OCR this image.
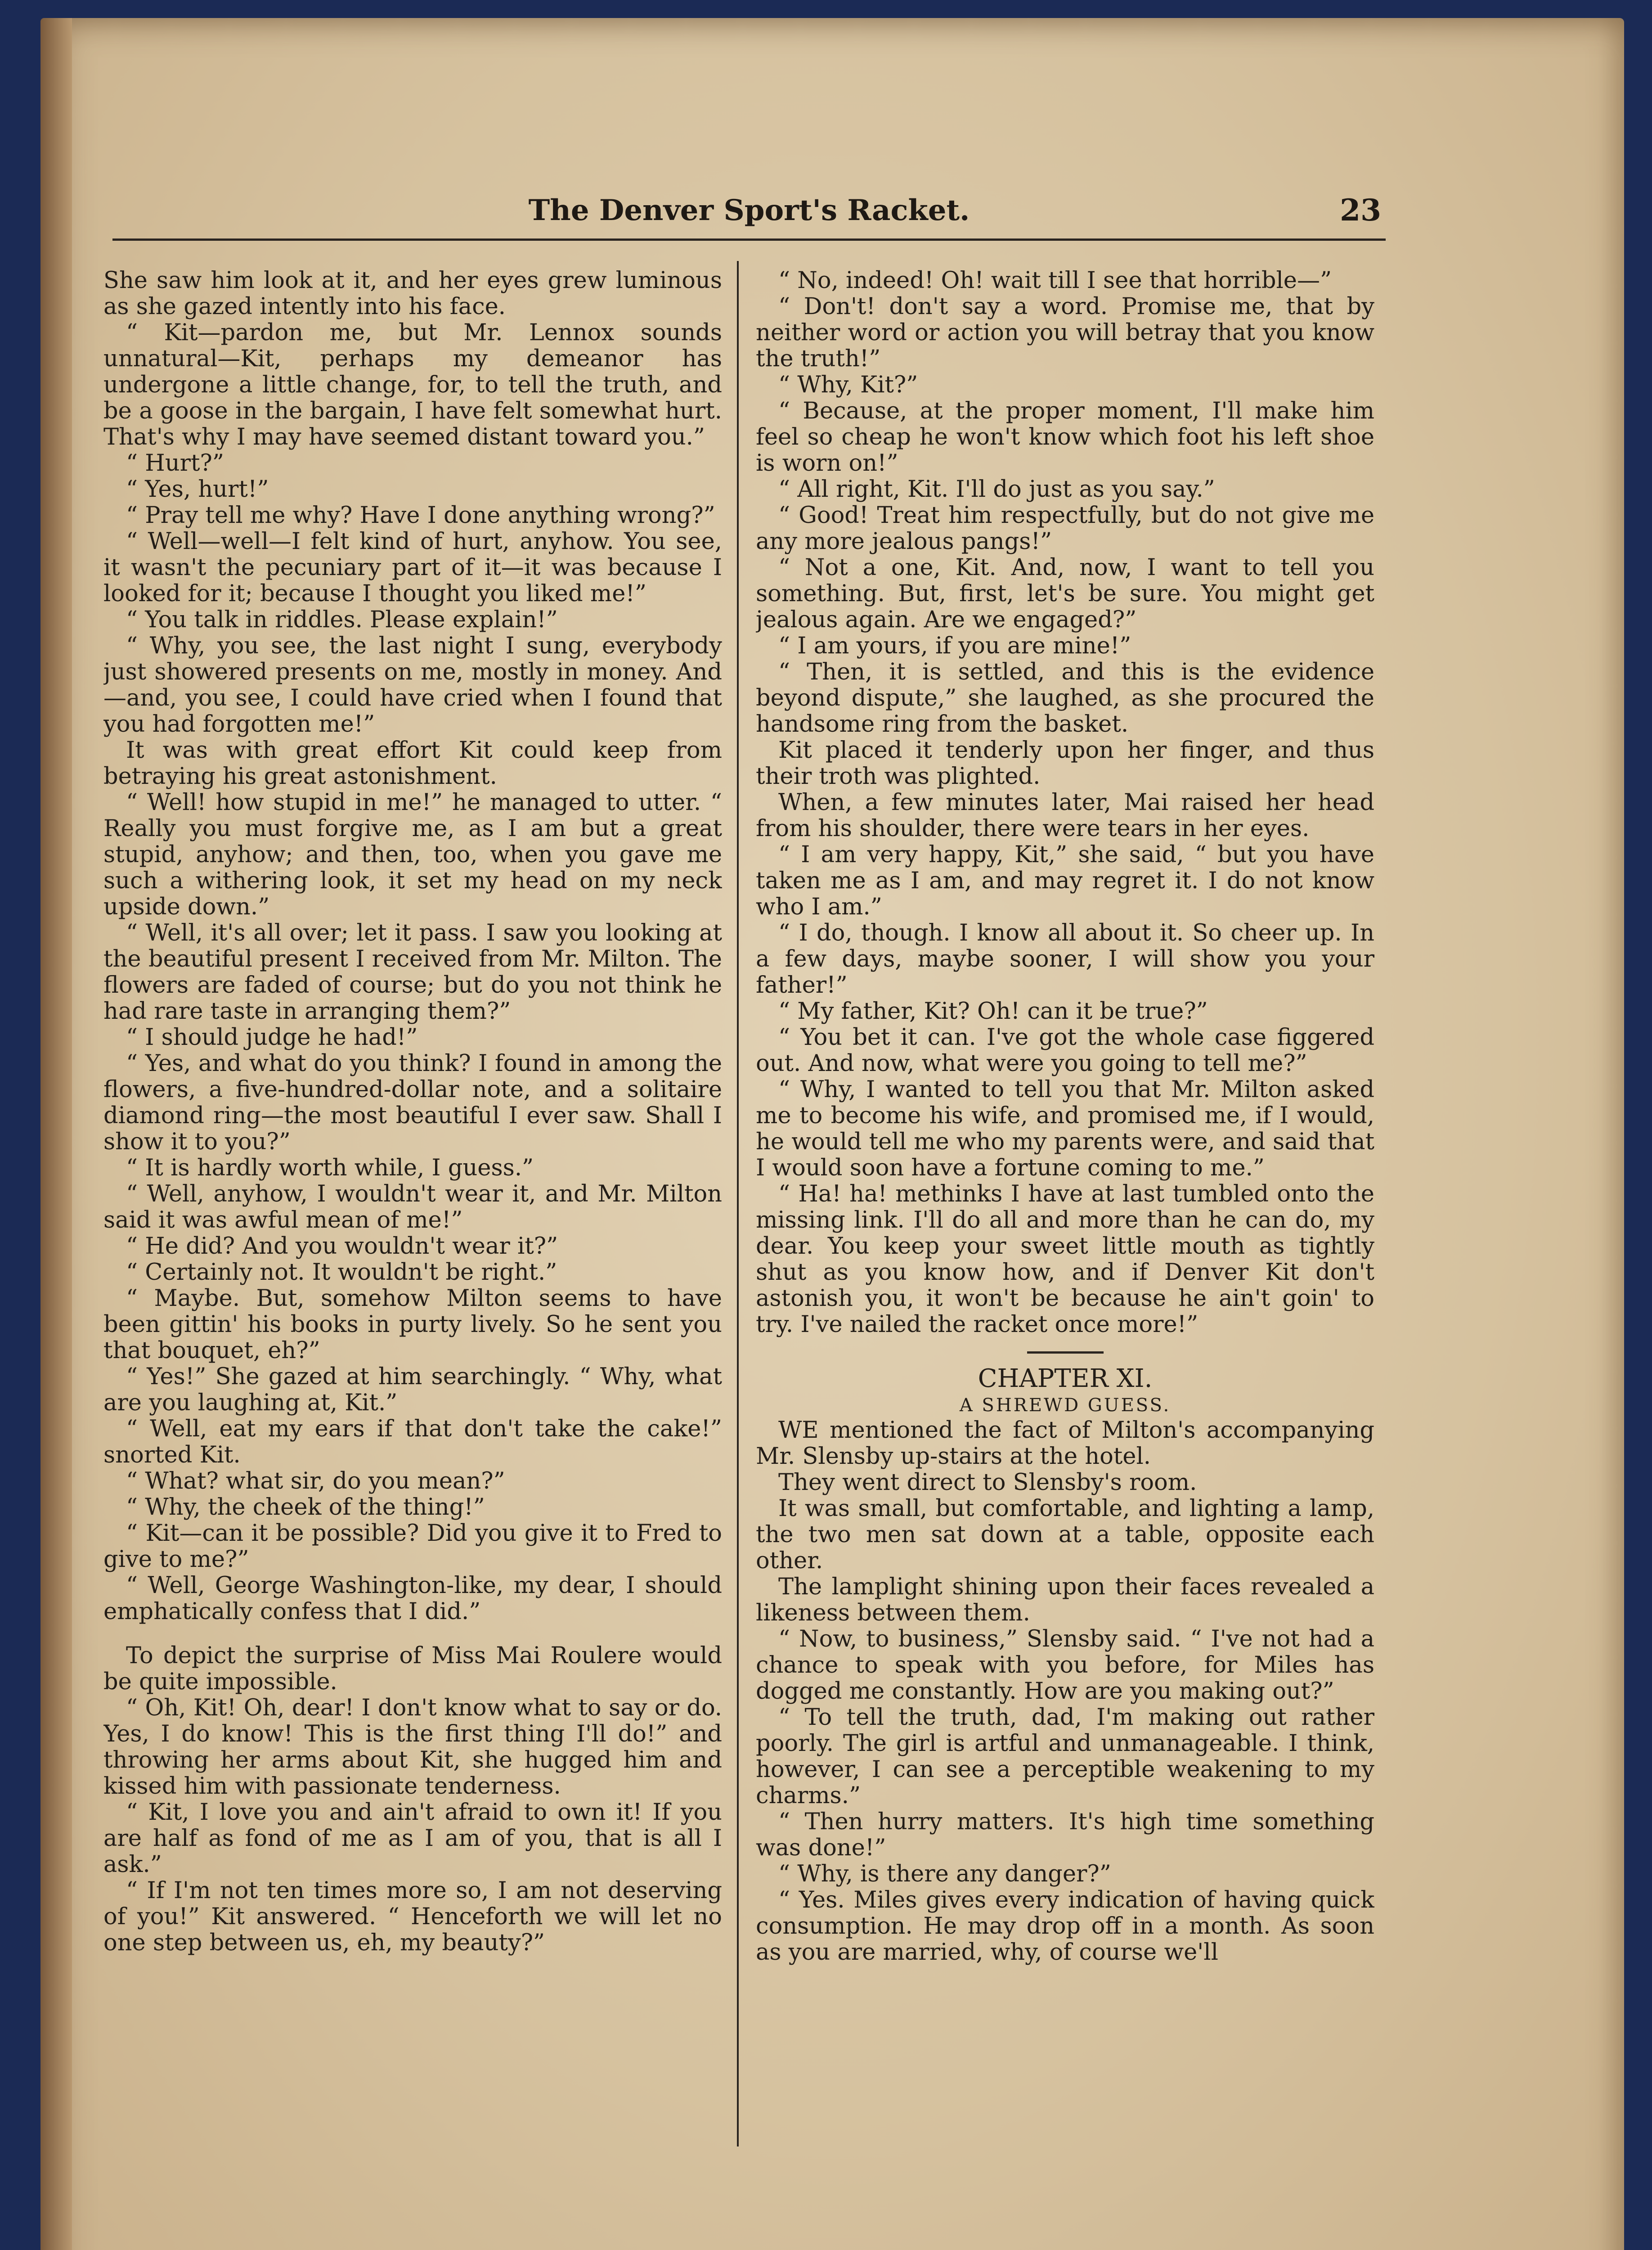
The Denver Sport's Racket.	23

She saw him look at it, and her eyes grew luminous as she gazed intently into his face.

“ Kit—pardon me, but Mr. Lennox sounds unnatural—Kit, perhaps my demeanor has undergone a little change, for, to tell the truth, and be a goose in the bargain, I have felt somewhat hurt. That's why I may have seemed distant toward you.”

“ Hurt?”

“ Yes, hurt!”

“ Pray tell me why? Have I done anything wrong?”

“ Well—well—I felt kind of hurt, anyhow. You see, it wasn't the pecuniary part of it—it was because I looked for it; because I thought you liked me!”

“ You talk in riddles. Please explain!”

“ Why, you see, the last night I sung, everybody just showered presents on me, mostly in money. And—and, you see, I could have cried when I found that you had forgotten me!”

It was with great effort Kit could keep from betraying his great astonishment.

“ Well! how stupid in me!” he managed to utter. “ Really you must forgive me, as I am but a great stupid, anyhow; and then, too, when you gave me such a withering look, it set my head on my neck upside down.”

“ Well, it's all over; let it pass. I saw you looking at the beautiful present I received from Mr. Milton. The flowers are faded of course; but do you not think he had rare taste in arranging them?”

“ I should judge he had!”

“ Yes, and what do you think? I found in among the flowers, a five-hundred-dollar note, and a solitaire diamond ring—the most beautiful I ever saw. Shall I show it to you?”

“ It is hardly worth while, I guess.”

“ Well, anyhow, I wouldn't wear it, and Mr. Milton said it was awful mean of me!”

“ He did? And you wouldn't wear it?”

“ Certainly not. It wouldn't be right.”

“ Maybe. But, somehow Milton seems to have been gittin' his books in purty lively. So he sent you that bouquet, eh?”

“ Yes!” She gazed at him searchingly. “ Why, what are you laughing at, Kit.”

“ Well, eat my ears if that don't take the cake!” snorted Kit.

“ What? what sir, do you mean?”

“ Why, the cheek of the thing!”

“ Kit—can it be possible? Did you give it to Fred to give to me?”

“ Well, George Washington-like, my dear, I should emphatically confess that I did.”

To depict the surprise of Miss Mai Roulere would be quite impossible.

“ Oh, Kit! Oh, dear! I don't know what to say or do. Yes, I do know! This is the first thing I'll do!” and throwing her arms about Kit, she hugged him and kissed him with passionate tenderness.

“ Kit, I love you and ain't afraid to own it! If you are half as fond of me as I am of you, that is all I ask.”

“ If I'm not ten times more so, I am not deserving of you!” Kit answered. “ Henceforth we will let no one step between us, eh, my beauty?”

“ No, indeed! Oh! wait till I see that horrible—”

“ Don't! don't say a word. Promise me, that by neither word or action you will betray that you know the truth!”

“ Why, Kit?”

“ Because, at the proper moment, I'll make him feel so cheap he won't know which foot his left shoe is worn on!”

“ All right, Kit. I'll do just as you say.”

“ Good! Treat him respectfully, but do not give me any more jealous pangs!”

“ Not a one, Kit. And, now, I want to tell you something. But, first, let's be sure. You might get jealous again. Are we engaged?”

“ I am yours, if you are mine!”

“ Then, it is settled, and this is the evidence beyond dispute,” she laughed, as she procured the handsome ring from the basket.

Kit placed it tenderly upon her finger, and thus their troth was plighted.

When, a few minutes later, Mai raised her head from his shoulder, there were tears in her eyes.

“ I am very happy, Kit,” she said, “ but you have taken me as I am, and may regret it. I do not know who I am.”

“ I do, though. I know all about it. So cheer up. In a few days, maybe sooner, I will show you your father!”

“ My father, Kit? Oh! can it be true?”

“ You bet it can. I've got the whole case figgered out. And now, what were you going to tell me?”

“ Why, I wanted to tell you that Mr. Milton asked me to become his wife, and promised me, if I would, he would tell me who my parents were, and said that I would soon have a fortune coming to me.”

“ Ha! ha! methinks I have at last tumbled onto the missing link. I'll do all and more than he can do, my dear. You keep your sweet little mouth as tightly shut as you know how, and if Denver Kit don't astonish you, it won't be because he ain't goin' to try. I've nailed the racket once more!”

CHAPTER XI.

A SHREWD GUESS.

WE mentioned the fact of Milton's accompanying Mr. Slensby up-stairs at the hotel.

They went direct to Slensby's room.

It was small, but comfortable, and lighting a lamp, the two men sat down at a table, opposite each other.

The lamplight shining upon their faces revealed a likeness between them.

“ Now, to business,” Slensby said. “ I've not had a chance to speak with you before, for Miles has dogged me constantly. How are you making out?”

“ To tell the truth, dad, I'm making out rather poorly. The girl is artful and unmanageable. I think, however, I can see a perceptible weakening to my charms.”

“ Then hurry matters. It's high time something was done!”

“ Why, is there any danger?”

“ Yes. Miles gives every indication of having quick consumption. He may drop off in a month. As soon as you are married, why, of course we'll
